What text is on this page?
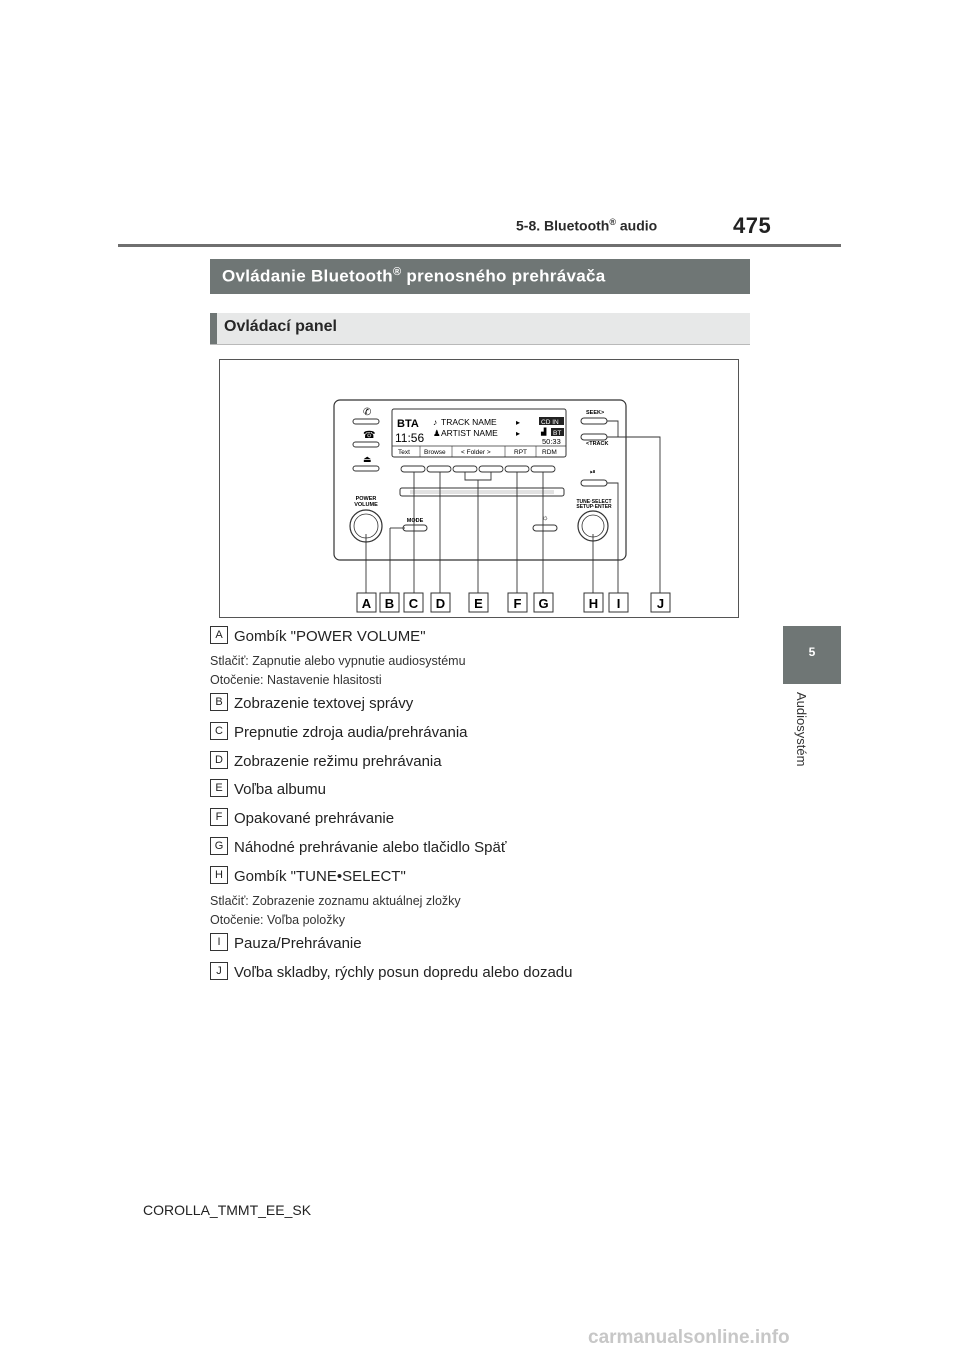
5-8. Bluetooth® audio	475
Ovládanie Bluetooth® prenosného prehrávača
Ovládací panel
BTA
11:56
♪ TRACK NAME
♟ ARTIST NAME
▸
▸
CD IN
▟ BT
50:33
Text Browse < Folder >	RPT RDM
✆
☎
⏏
POWER
VOLUME
MODE	☼
SEEK>
<TRACK
⏯
TUNE·SELECT
SETUP·ENTER
A B C D E F G	H I	J
5
Audiosystém
A Gombík "POWER VOLUME"
Stlačiť: Zapnutie alebo vypnutie audiosystému
Otočenie: Nastavenie hlasitosti
B Zobrazenie textovej správy
C Prepnutie zdroja audia/prehrávania
D Zobrazenie režimu prehrávania
E Voľba albumu
F Opakované prehrávanie
G Náhodné prehrávanie alebo tlačidlo Späť
H Gombík "TUNE•SELECT"
Stlačiť: Zobrazenie zoznamu aktuálnej zložky
Otočenie: Voľba položky
I Pauza/Prehrávanie
J Voľba skladby, rýchly posun dopredu alebo dozadu
COROLLA_TMMT_EE_SK
carmanualsonline.info
